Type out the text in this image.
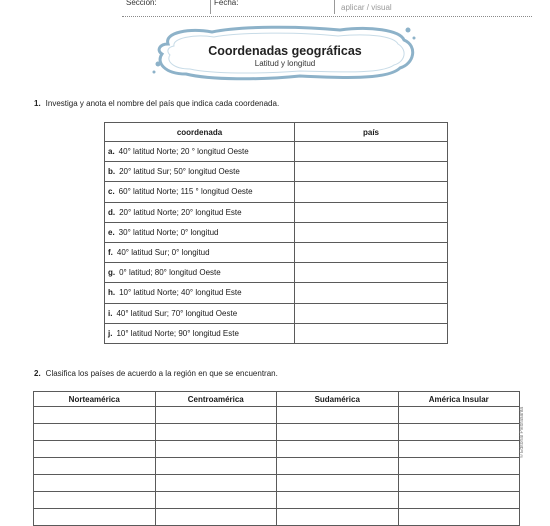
Sección:	Fecha:
aplicar / visual
Coordenadas geográficas
Latitud y longitud
1. Investiga y anota el nombre del país que indica cada coordenada.
coordenada	país
a. 40° latitud Norte; 20 ° longitud Oeste	
b. 20° latitud Sur; 50° longitud Oeste	
c. 60° latitud Norte; 115 ° longitud Oeste	
d. 20° latitud Norte; 20° longitud Este	
e. 30° latitud Norte; 0° longitud	
f. 40° latitud Sur; 0° longitud	
g. 0° latitud; 80° longitud Oeste	
h. 10° latitud Norte; 40° longitud Este	
i. 40° latitud Sur; 70° longitud Oeste	
j. 10° latitud Norte; 90° longitud Este	
2. Clasifica los países de acuerdo a la región en que se encuentran.
Norteamérica	Centroamérica	Sudamérica	América Insular

© Editorial Piedrasanta
